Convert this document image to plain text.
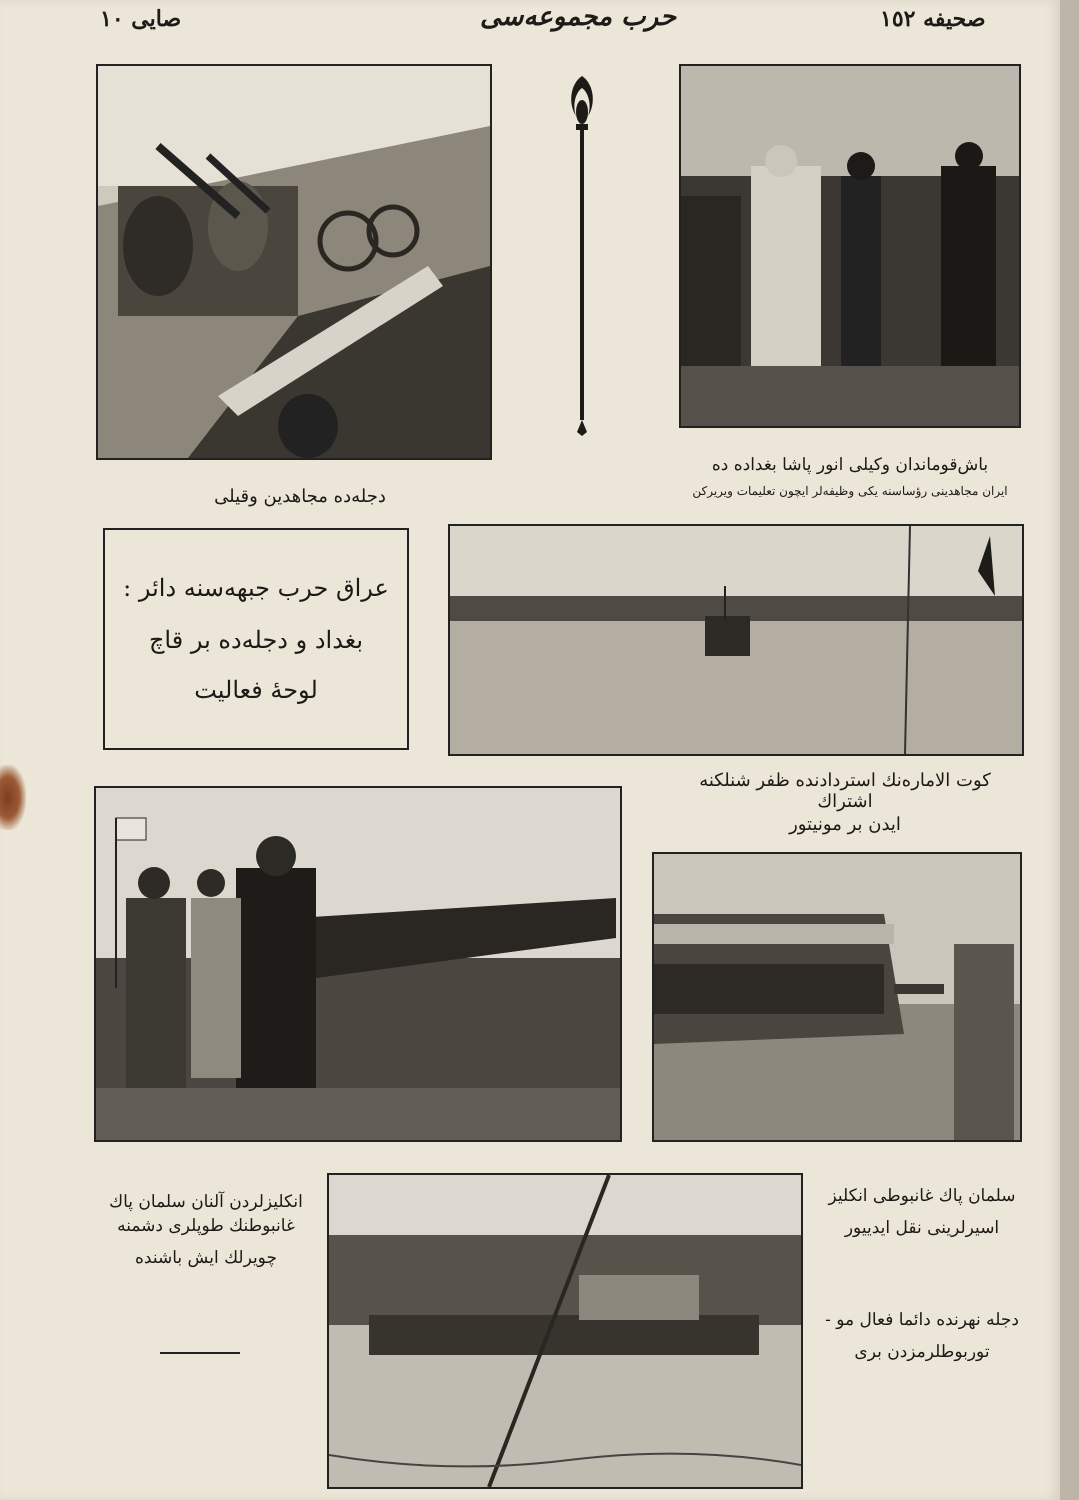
صایی ١٠	حرب مجموعه‌سی	صحیفه ١٥٢
باش‌قوماندان وکیلی انور پاشا بغداده ده
ایران مجاهدینی رؤساسنه یکی وظیفه‌لر ایچون تعلیمات ویریرکن
دجله‌ده مجاهدین وقیلی
عراق حرب جبهه‌سنه دائر :
بغداد و دجله‌ده بر قاچ
لوحهٔ فعالیت
کوت الاماره‌نك استردادنده ظفر شنلکنه اشتراك
ایدن بر مونیتور
انکلیزلردن آلنان سلمان پاك
غانبوطنك طوپلری دشمنه
چویرلك ایش باشنده
سلمان پاك غانبوطی انکلیز
اسیرلرینی نقل ایدییور
دجله نهرنده دائما فعال مو -
توربوطلرمزدن بری
